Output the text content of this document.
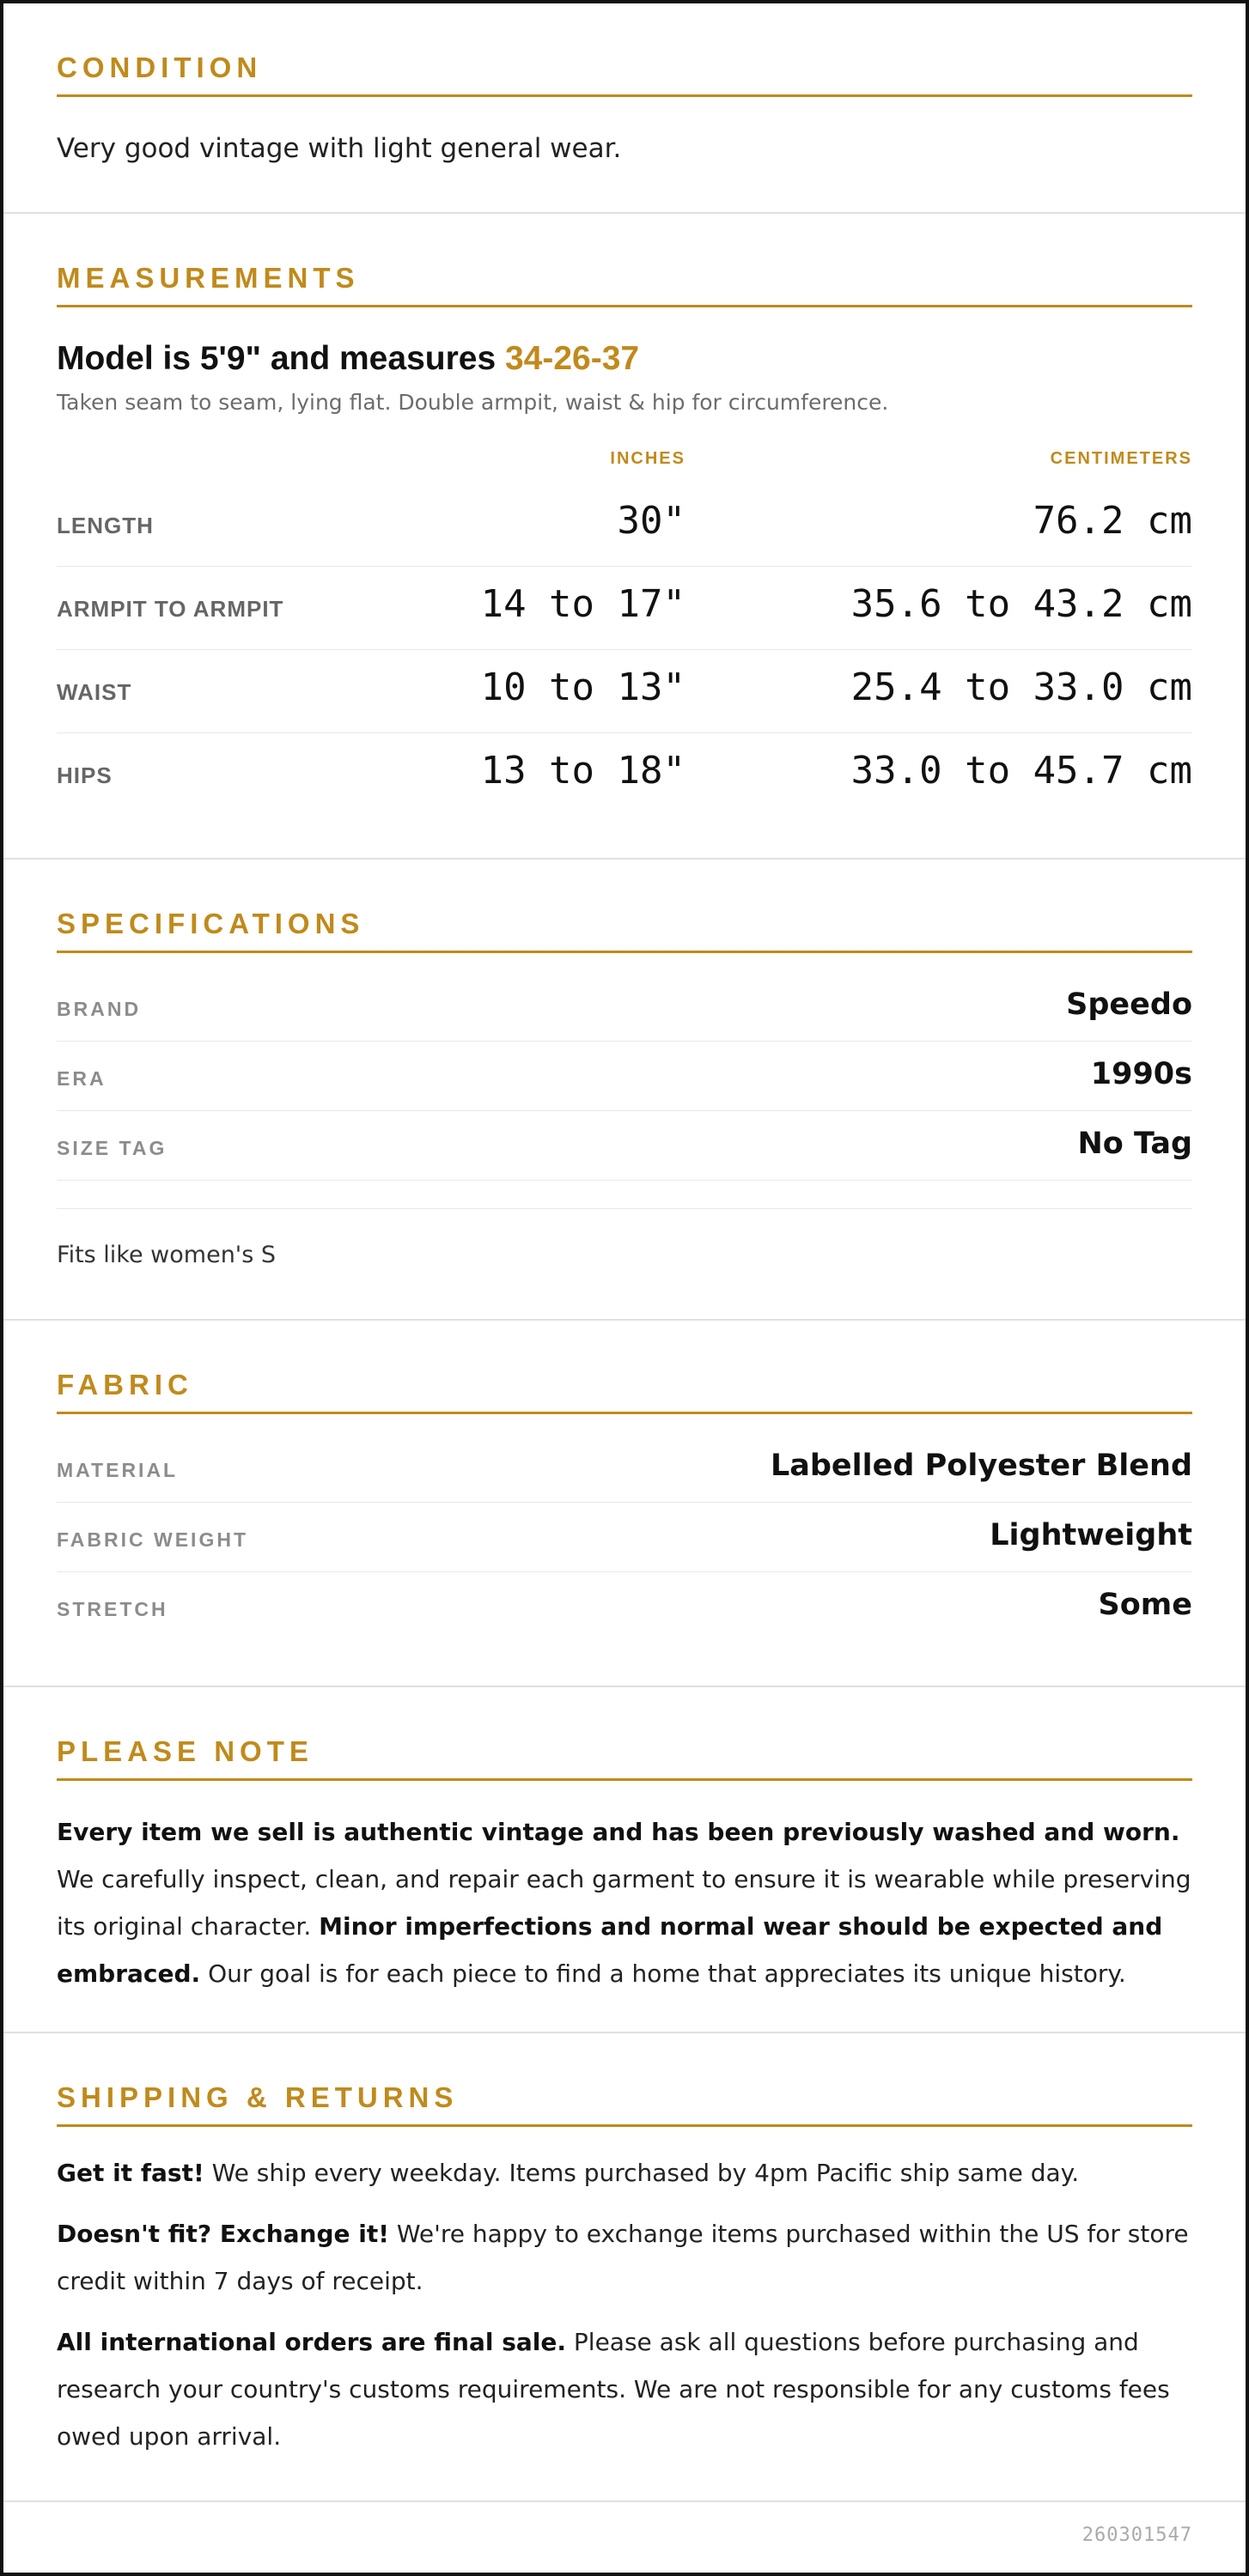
CONDITION
Very good vintage with light general wear.
MEASUREMENTS
Model is 5'9" and measures 34-26-37
Taken seam to seam, lying flat. Double armpit, waist & hip for circumference.
INCHES	CENTIMETERS
LENGTH	30"	76.2 cm
ARMPIT TO ARMPIT	14 to 17"	35.6 to 43.2 cm
WAIST	10 to 13"	25.4 to 33.0 cm
HIPS	13 to 18"	33.0 to 45.7 cm
SPECIFICATIONS
BRAND	Speedo
ERA	1990s
SIZE TAG	No Tag
Fits like women's S
FABRIC
MATERIAL	Labelled Polyester Blend
FABRIC WEIGHT	Lightweight
STRETCH	Some
PLEASE NOTE
Every item we sell is authentic vintage and has been previously washed and worn. We carefully inspect, clean, and repair each garment to ensure it is wearable while preserving its original character. Minor imperfections and normal wear should be expected and embraced. Our goal is for each piece to find a home that appreciates its unique history.
SHIPPING & RETURNS
Get it fast! We ship every weekday. Items purchased by 4pm Pacific ship same day.
Doesn't fit? Exchange it! We're happy to exchange items purchased within the US for store credit within 7 days of receipt.
All international orders are final sale. Please ask all questions before purchasing and research your country's customs requirements. We are not responsible for any customs fees owed upon arrival.
260301547
